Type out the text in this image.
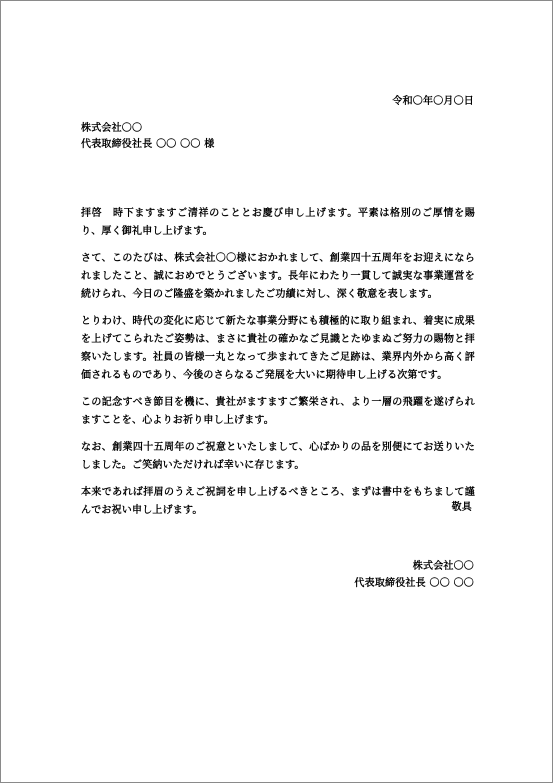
令和〇年〇月〇日
株式会社〇〇
代表取締役社長 〇〇 〇〇 様

拝啓　時下ますますご清祥のこととお慶び申し上げます。平素は格別のご厚情を賜り、厚く御礼申し上げます。

さて、このたびは、株式会社〇〇様におかれまして、創業四十五周年をお迎えになられましたこと、誠におめでとうございます。長年にわたり一貫して誠実な事業運営を続けられ、今日のご隆盛を築かれましたご功績に対し、深く敬意を表します。

とりわけ、時代の変化に応じて新たな事業分野にも積極的に取り組まれ、着実に成果を上げてこられたご姿勢は、まさに貴社の確かなご見識とたゆまぬご努力の賜物と拝察いたします。社員の皆様一丸となって歩まれてきたご足跡は、業界内外から高く評価されるものであり、今後のさらなるご発展を大いに期待申し上げる次第です。

この記念すべき節目を機に、貴社がますますご繁栄され、より一層の飛躍を遂げられますことを、心よりお祈り申し上げます。

なお、創業四十五周年のご祝意といたしまして、心ばかりの品を別便にてお送りいたしました。ご笑納いただければ幸いに存じます。

本来であれば拝眉のうえご祝詞を申し上げるべきところ、まずは書中をもちまして謹んでお祝い申し上げます。	敬具
株式会社〇〇
代表取締役社長 〇〇 〇〇
